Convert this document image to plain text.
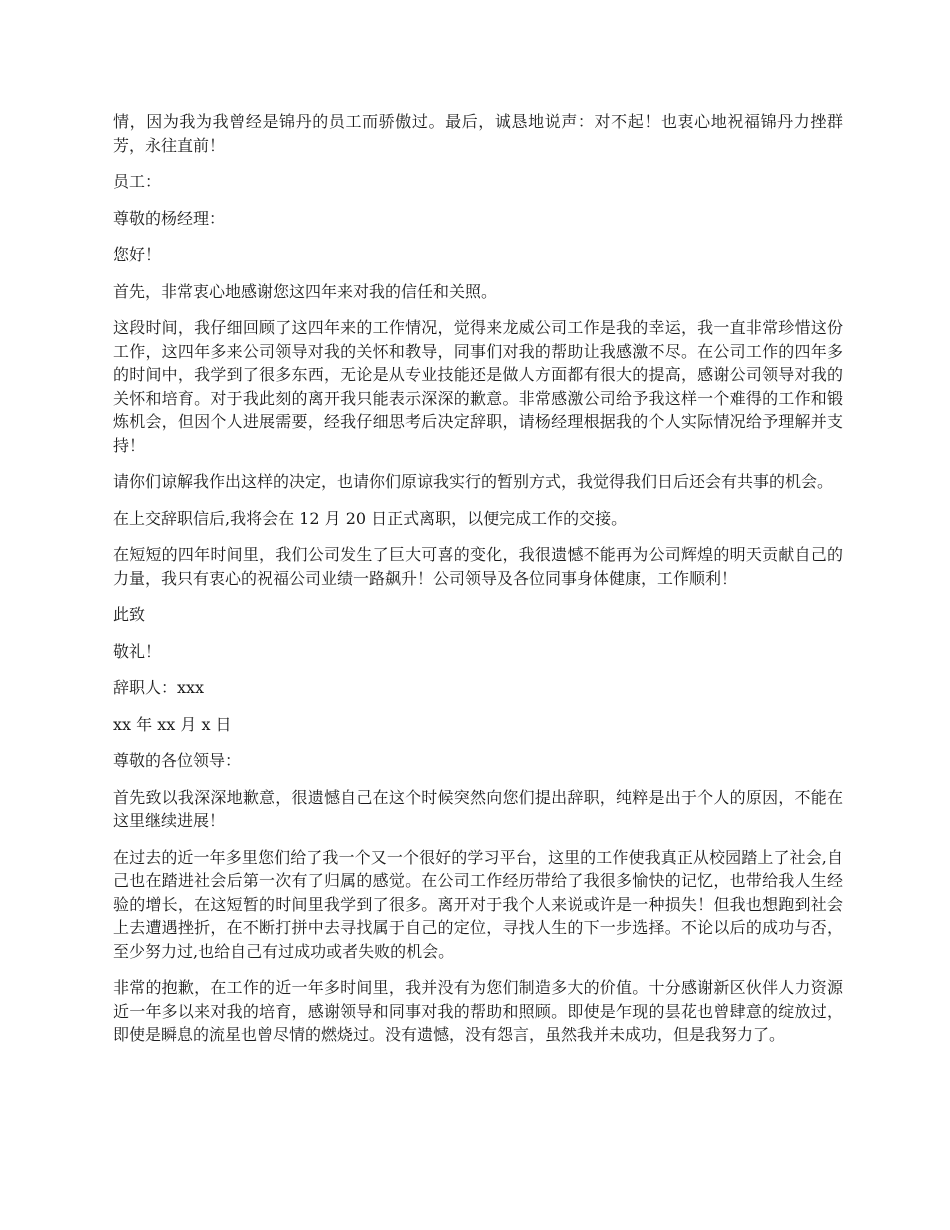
情，因为我为我曾经是锦丹的员工而骄傲过。最后，诚恳地说声：对不起！也衷心地祝福锦丹力挫群芳，永往直前！

员工：

尊敬的杨经理：

您好！

首先，非常衷心地感谢您这四年来对我的信任和关照。

这段时间，我仔细回顾了这四年来的工作情况，觉得来龙威公司工作是我的幸运，我一直非常珍惜这份工作，这四年多来公司领导对我的关怀和教导，同事们对我的帮助让我感激不尽。在公司工作的四年多的时间中，我学到了很多东西，无论是从专业技能还是做人方面都有很大的提高，感谢公司领导对我的关怀和培育。对于我此刻的离开我只能表示深深的歉意。非常感激公司给予我这样一个难得的工作和锻炼机会，但因个人进展需要，经我仔细思考后决定辞职，请杨经理根据我的个人实际情况给予理解并支持！

请你们谅解我作出这样的决定，也请你们原谅我实行的暂别方式，我觉得我们日后还会有共事的机会。

在上交辞职信后,我将会在 12 月 20 日正式离职，以便完成工作的交接。

在短短的四年时间里，我们公司发生了巨大可喜的变化，我很遗憾不能再为公司辉煌的明天贡献自己的力量，我只有衷心的祝福公司业绩一路飙升！公司领导及各位同事身体健康，工作顺利！

此致

敬礼！

辞职人：xxx

xx 年 xx 月 x 日

尊敬的各位领导：

首先致以我深深地歉意，很遗憾自己在这个时候突然向您们提出辞职，纯粹是出于个人的原因，不能在这里继续进展！

在过去的近一年多里您们给了我一个又一个很好的学习平台，这里的工作使我真正从校园踏上了社会,自己也在踏进社会后第一次有了归属的感觉。在公司工作经历带给了我很多愉快的记忆，也带给我人生经验的增长，在这短暂的时间里我学到了很多。离开对于我个人来说或许是一种损失！但我也想跑到社会上去遭遇挫折，在不断打拼中去寻找属于自己的定位，寻找人生的下一步选择。不论以后的成功与否，至少努力过,也给自己有过成功或者失败的机会。

非常的抱歉，在工作的近一年多时间里，我并没有为您们制造多大的价值。十分感谢新区伙伴人力资源近一年多以来对我的培育，感谢领导和同事对我的帮助和照顾。即使是乍现的昙花也曾肆意的绽放过，即使是瞬息的流星也曾尽情的燃烧过。没有遗憾，没有怨言，虽然我并未成功，但是我努力了。
